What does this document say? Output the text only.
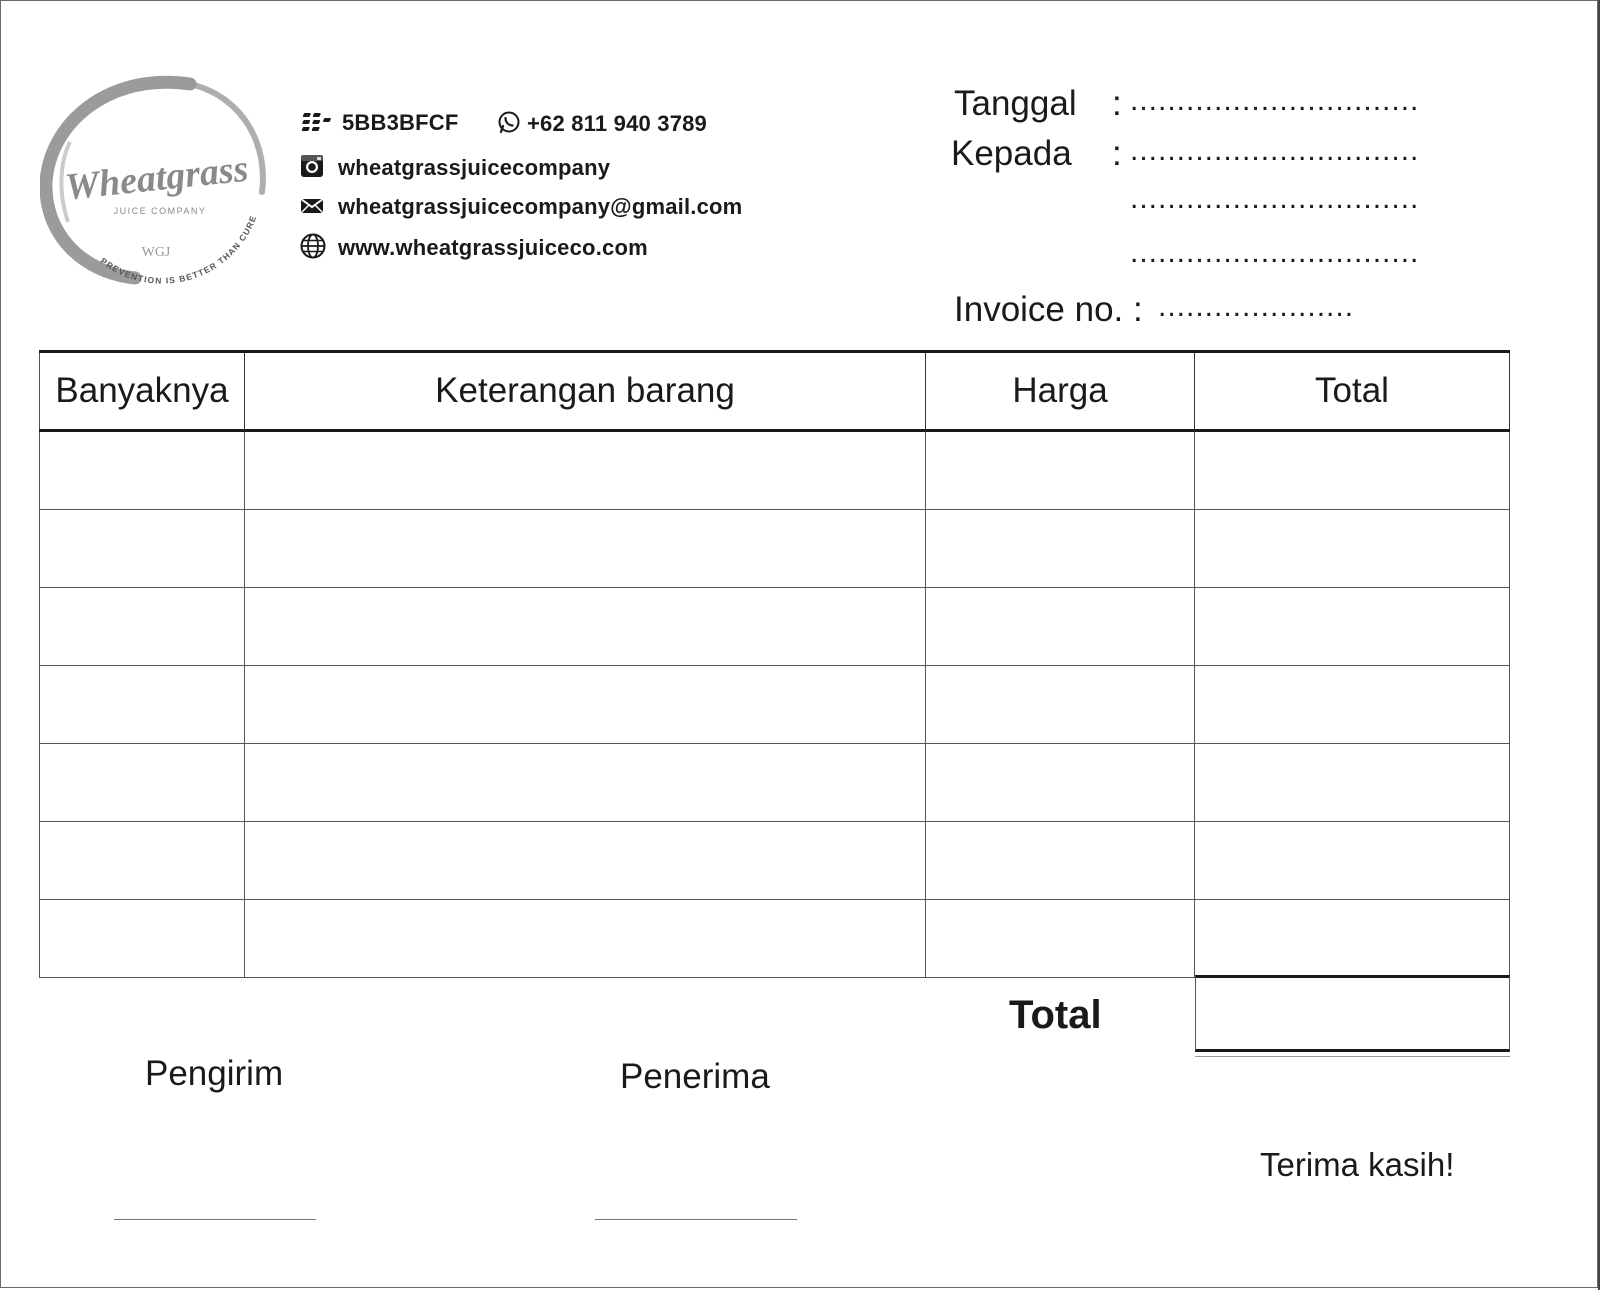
Wheatgrass
JUICE COMPANY
WGJ
PREVENTION IS BETTER THAN CURE
5BB3BFCF	+62 811 940 3789
wheatgrassjuicecompany
wheatgrassjuicecompany@gmail.com
www.wheatgrassjuiceco.com
Tanggal : ...............................
Kepada : ...............................
...............................
...............................
Invoice no. : .....................
Banyaknya	Keterangan barang	Harga	Total

Total
Pengirim	Penerima
Terima kasih!
